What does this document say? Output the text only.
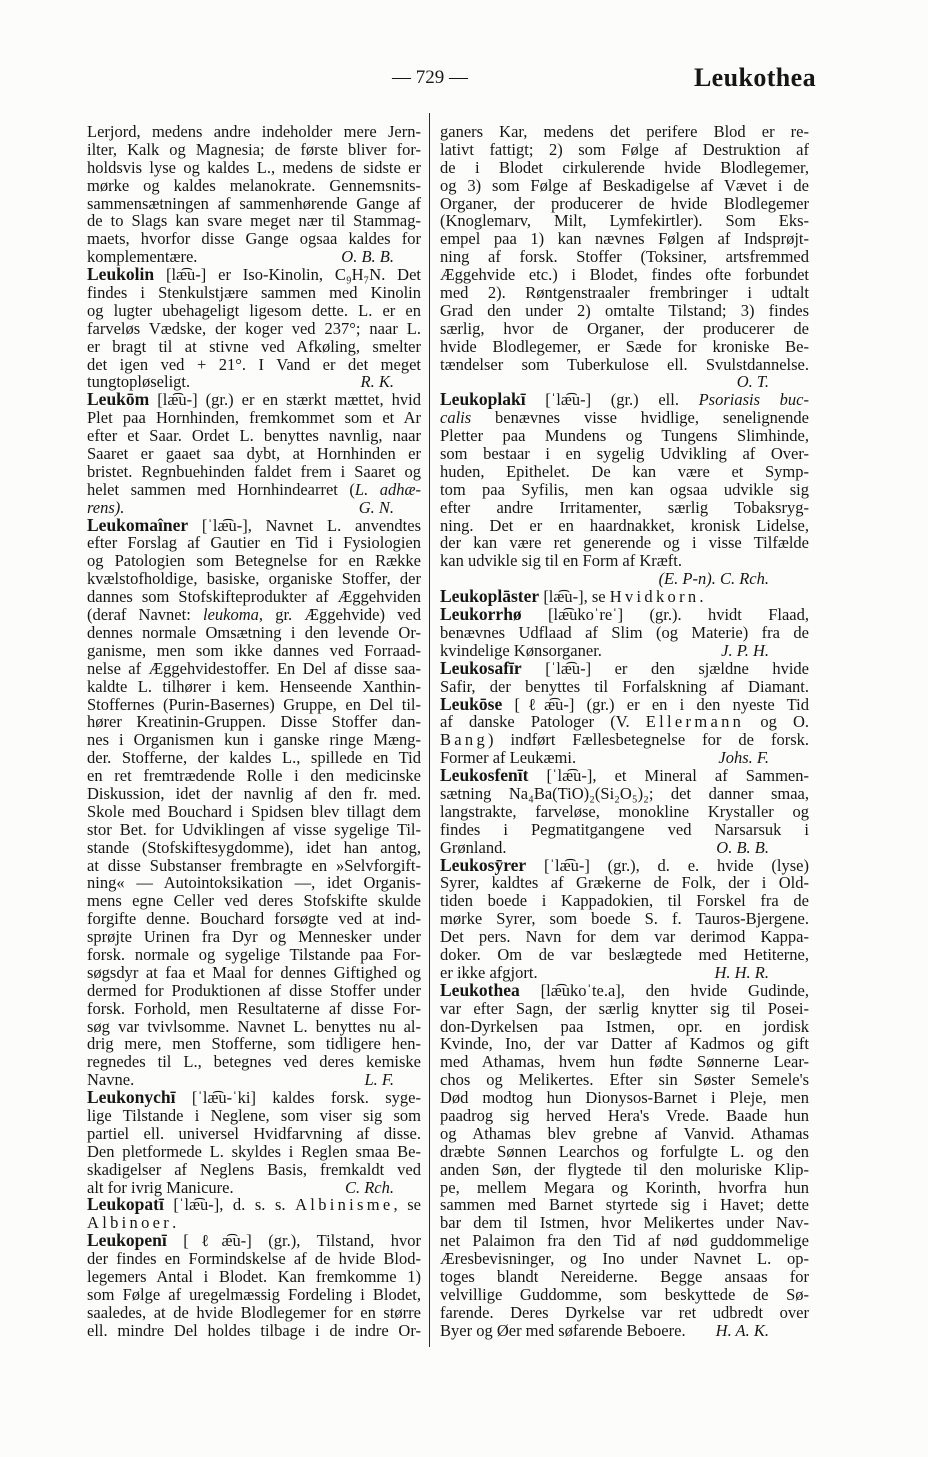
— 729 —	Leukothea
Lerjord, medens andre indeholder mere Jern-
ilter, Kalk og Magnesia; de første bliver for-
holdsvis lyse og kaldes L., medens de sidste er
mørke og kaldes melanokrate. Gennemsnits-
sammensætningen af sammenhørende Gange af
de to Slags kan svare meget nær til Stammag-
maets, hvorfor disse Gange ogsaa kaldes for
komplementære.	O. B. B.
Leukolin [læ͡u-] er Iso-Kinolin, C₉H₇N. Det
findes i Stenkulstjære sammen med Kinolin
og lugter ubehageligt ligesom dette. L. er en
farveløs Vædske, der koger ved 237°; naar L.
er bragt til at stivne ved Afkøling, smelter
det igen ved + 21°. I Vand er det meget
tungtopløseligt.	R. K.
Leukōm [læ͡u-] (gr.) er en stærkt mættet, hvid
Plet paa Hornhinden, fremkommet som et Ar
efter et Saar. Ordet L. benyttes navnlig, naar
Saaret er gaaet saa dybt, at Hornhinden er
bristet. Regnbuehinden faldet frem i Saaret og
helet sammen med Hornhindearret (L. adhæ-
rens).	G. N.
Leukomaîner [ˈlæ͡u-], Navnet L. anvendtes
efter Forslag af Gautier en Tid i Fysiologien
og Patologien som Betegnelse for en Række
kvælstofholdige, basiske, organiske Stoffer, der
dannes som Stofskifteprodukter af Æggehviden
(deraf Navnet: leukoma, gr. Æggehvide) ved
dennes normale Omsætning i den levende Or-
ganisme, men som ikke dannes ved Forraad-
nelse af Æggehvidestoffer. En Del af disse saa-
kaldte L. tilhører i kem. Henseende Xanthin-
Stoffernes (Purin-Basernes) Gruppe, en Del til-
hører Kreatinin-Gruppen. Disse Stoffer dan-
nes i Organismen kun i ganske ringe Mæng-
der. Stofferne, der kaldes L., spillede en Tid
en ret fremtrædende Rolle i den medicinske
Diskussion, idet der navnlig af den fr. med.
Skole med Bouchard i Spidsen blev tillagt dem
stor Bet. for Udviklingen af visse sygelige Til-
stande (Stofskiftesygdomme), idet han antog,
at disse Substanser frembragte en »Selvforgift-
ning« — Autointoksikation —, idet Organis-
mens egne Celler ved deres Stofskifte skulde
forgifte denne. Bouchard forsøgte ved at ind-
sprøjte Urinen fra Dyr og Mennesker under
forsk. normale og sygelige Tilstande paa For-
søgsdyr at faa et Maal for dennes Giftighed og
dermed for Produktionen af disse Stoffer under
forsk. Forhold, men Resultaterne af disse For-
søg var tvivlsomme. Navnet L. benyttes nu al-
drig mere, men Stofferne, som tidligere hen-
regnedes til L., betegnes ved deres kemiske
Navne.	L. F.
Leukonychī [ˈlæ͡u-ˈki] kaldes forsk. syge-
lige Tilstande i Neglene, som viser sig som
partiel ell. universel Hvidfarvning af disse.
Den pletformede L. skyldes i Reglen smaa Be-
skadigelser af Neglens Basis, fremkaldt ved
alt for ivrig Manicure.	C. Rch.
Leukopatī [ˈlæ͡u-], d. s. s. Albinisme, se
Albinoer.
Leukopenī [ℓæ͡u-] (gr.), Tilstand, hvor
der findes en Formindskelse af de hvide Blod-
legemers Antal i Blodet. Kan fremkomme 1)
som Følge af uregelmæssig Fordeling i Blodet,
saaledes, at de hvide Blodlegemer for en større
ell. mindre Del holdes tilbage i de indre Or-
ganers Kar, medens det perifere Blod er re-
lativt fattigt; 2) som Følge af Destruktion af
de i Blodet cirkulerende hvide Blodlegemer,
og 3) som Følge af Beskadigelse af Vævet i de
Organer, der producerer de hvide Blodlegemer
(Knoglemarv, Milt, Lymfekirtler). Som Eks-
empel paa 1) kan nævnes Følgen af Indsprøjt-
ning af forsk. Stoffer (Toksiner, artsfremmed
Æggehvide etc.) i Blodet, findes ofte forbundet
med 2). Røntgenstraaler frembringer i udtalt
Grad den under 2) omtalte Tilstand; 3) findes
særlig, hvor de Organer, der producerer de
hvide Blodlegemer, er Sæde for kroniske Be-
tændelser som Tuberkulose ell. Svulstdannelse.
O. T.
Leukoplakī [ˈlæ͡u-] (gr.) ell. Psoriasis buc-
calis benævnes visse hvidlige, senelignende
Pletter paa Mundens og Tungens Slimhinde,
som bestaar i en sygelig Udvikling af Over-
huden, Epithelet. De kan være et Symp-
tom paa Syfilis, men kan ogsaa udvikle sig
efter andre Irritamenter, særlig Tobaksryg-
ning. Det er en haardnakket, kronisk Lidelse,
der kan være ret generende og i visse Tilfælde
kan udvikle sig til en Form af Kræft.
(E. P-n). C. Rch.
Leukoplāster [læ͡u-], se Hvidkorn.
Leukorrhø [læ͡ukoˈreˈ] (gr.). hvidt Flaad,
benævnes Udflaad af Slim (og Materie) fra de
kvindelige Kønsorganer.	J. P. H.
Leukosafīr [ˈlæ͡u-] er den sjældne hvide
Safir, der benyttes til Forfalskning af Diamant.
Leukōse [ℓæ͡u-] (gr.) er en i den nyeste Tid
af danske Patologer (V. Ellermann og O.
Bang) indført Fællesbetegnelse for de forsk.
Former af Leukæmi.	Johs. F.
Leukosfenīt [ˈlæ͡u-], et Mineral af Sammen-
sætning Na₄Ba(TiO)₂(Si₂O₅)₂; det danner smaa,
langstrakte, farveløse, monokline Krystaller og
findes i Pegmatitgangene ved Narsarsuk i
Grønland.	O. B. B.
Leukosȳrer [ˈlæ͡u-] (gr.), d. e. hvide (lyse)
Syrer, kaldtes af Grækerne de Folk, der i Old-
tiden boede i Kappadokien, til Forskel fra de
mørke Syrer, som boede S. f. Tauros-Bjergene.
Det pers. Navn for dem var derimod Kappa-
doker. Om de var beslægtede med Hetiterne,
er ikke afgjort.	H. H. R.
Leukothea [læ͡ukoˈte.a], den hvide Gudinde,
var efter Sagn, der særlig knytter sig til Posei-
don-Dyrkelsen paa Istmen, opr. en jordisk
Kvinde, Ino, der var Datter af Kadmos og gift
med Athamas, hvem hun fødte Sønnerne Lear-
chos og Melikertes. Efter sin Søster Semele's
Død modtog hun Dionysos-Barnet i Pleje, men
paadrog sig herved Hera's Vrede. Baade hun
og Athamas blev grebne af Vanvid. Athamas
dræbte Sønnen Learchos og forfulgte L. og den
anden Søn, der flygtede til den moluriske Klip-
pe, mellem Megara og Korinth, hvorfra hun
sammen med Barnet styrtede sig i Havet; dette
bar dem til Istmen, hvor Melikertes under Nav-
net Palaimon fra den Tid af nød guddommelige
Æresbevisninger, og Ino under Navnet L. op-
toges blandt Nereiderne. Begge ansaas for
velvillige Guddomme, som beskyttede de Sø-
farende. Deres Dyrkelse var ret udbredt over
Byer og Øer med søfarende Beboere. H. A. K.
